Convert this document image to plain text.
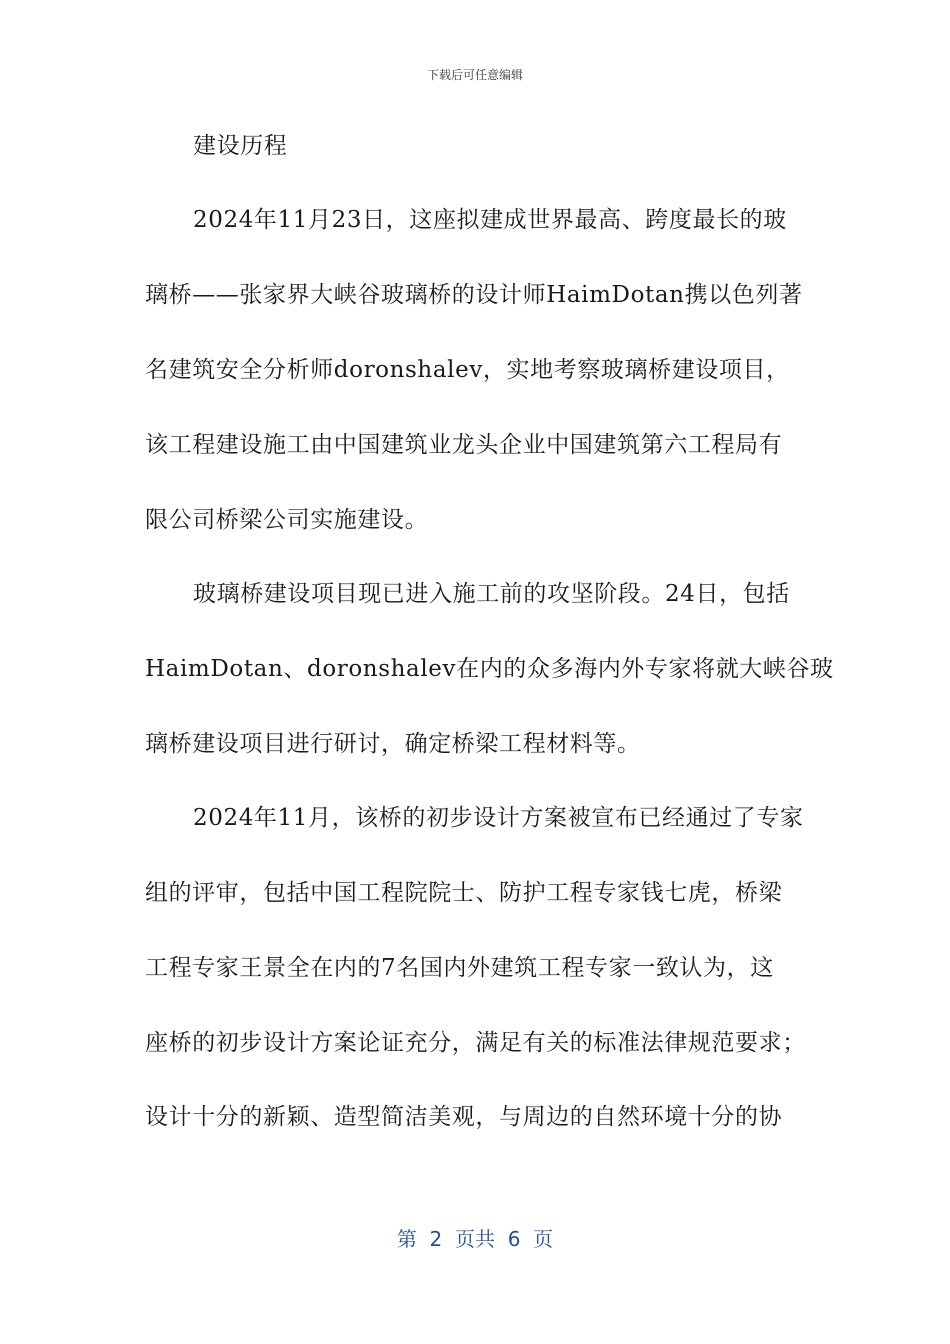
下载后可任意编辑
建设历程
2024年11月23日，这座拟建成世界最高、跨度最长的玻
璃桥——张家界大峡谷玻璃桥的设计师HaimDotan携以色列著
名建筑安全分析师doronshalev，实地考察玻璃桥建设项目，
该工程建设施工由中国建筑业龙头企业中国建筑第六工程局有
限公司桥梁公司实施建设。
玻璃桥建设项目现已进入施工前的攻坚阶段。24日，包括
HaimDotan、doronshalev在内的众多海内外专家将就大峡谷玻
璃桥建设项目进行研讨，确定桥梁工程材料等。
2024年11月，该桥的初步设计方案被宣布已经通过了专家
组的评审，包括中国工程院院士、防护工程专家钱七虎，桥梁
工程专家王景全在内的7名国内外建筑工程专家一致认为，这
座桥的初步设计方案论证充分，满足有关的标准法律规范要求；
设计十分的新颖、造型简洁美观，与周边的自然环境十分的协
第  2  页共  6  页
